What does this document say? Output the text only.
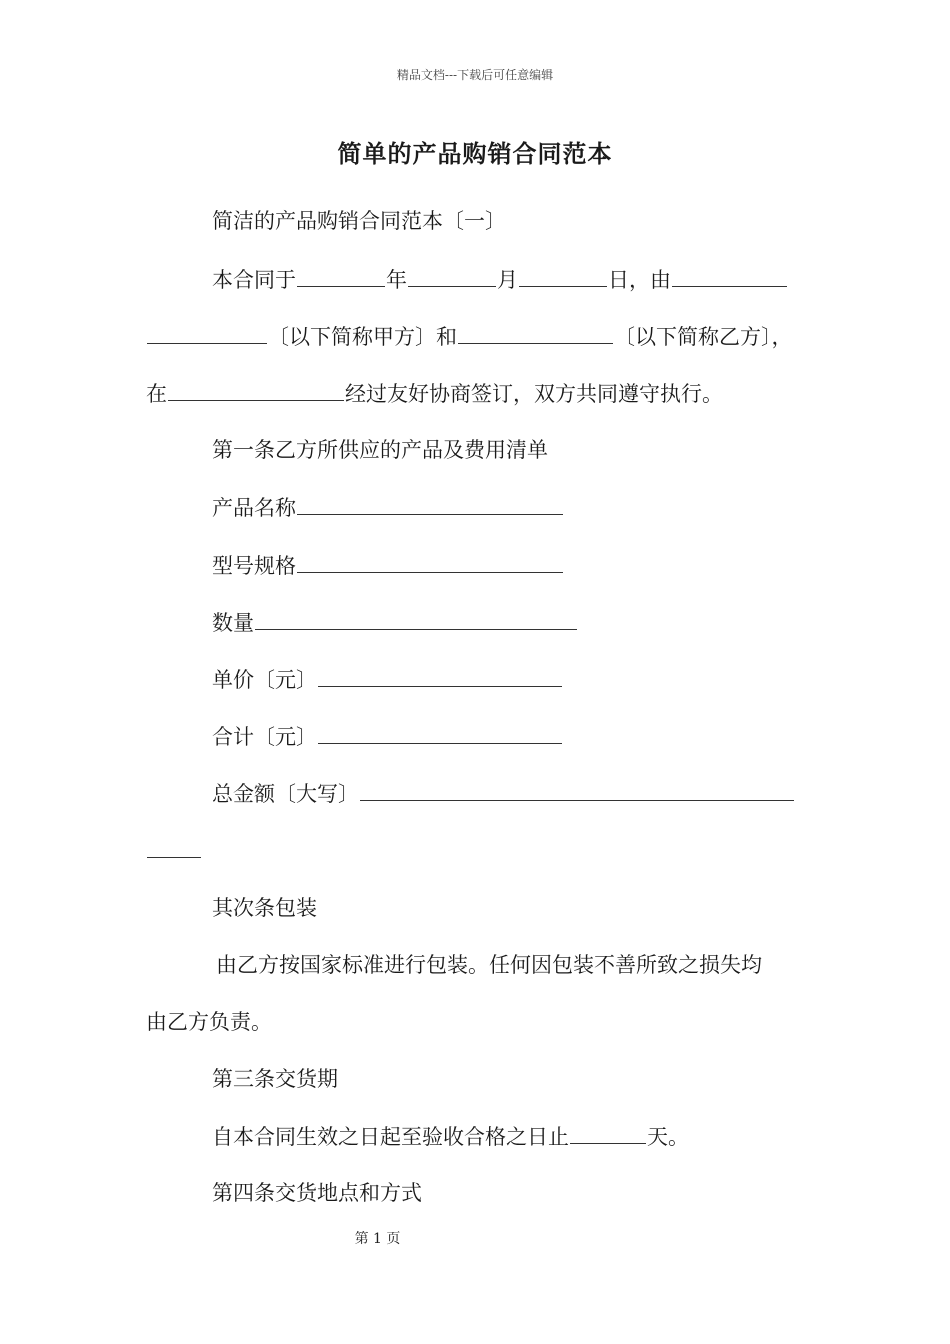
精品文档---下载后可任意编辑
简单的产品购销合同范本
简洁的产品购销合同范本〔一〕
本合同于	年	月	日，由
〔以下简称甲方〕和	〔以下简称乙方〕，
在	经过友好协商签订，双方共同遵守执行。
第一条乙方所供应的产品及费用清单
产品名称
型号规格
数量
单价〔元〕
合计〔元〕
总金额〔大写〕
其次条包装
由乙方按国家标准进行包装。任何因包装不善所致之损失均
由乙方负责。
第三条交货期
自本合同生效之日起至验收合格之日止	天。
第四条交货地点和方式
第 1 页
